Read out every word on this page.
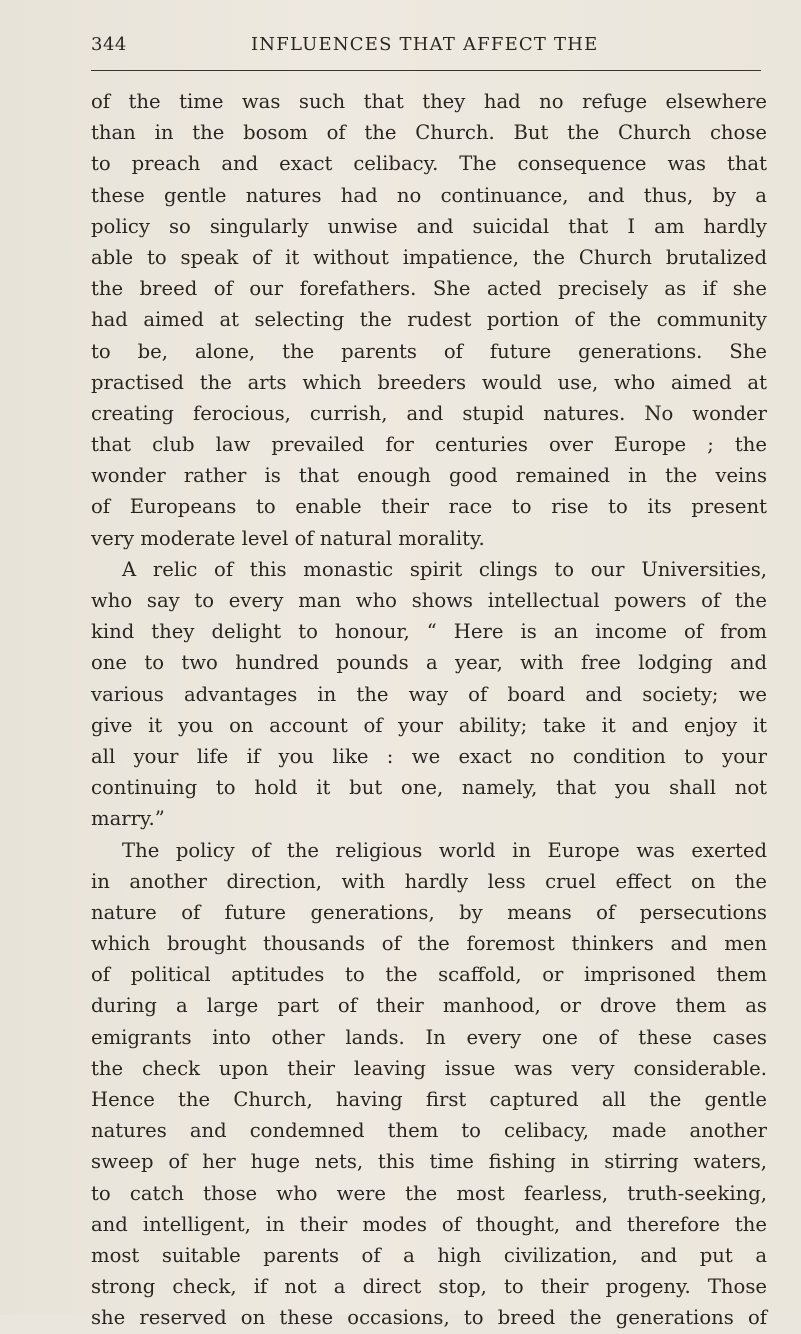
344	INFLUENCES THAT AFFECT THE
of the time was such that they had no refuge elsewhere
than in the bosom of the Church. But the Church chose
to preach and exact celibacy. The consequence was that
these gentle natures had no continuance, and thus, by a
policy so singularly unwise and suicidal that I am hardly
able to speak of it without impatience, the Church brutalized
the breed of our forefathers. She acted precisely as if she
had aimed at selecting the rudest portion of the community
to be, alone, the parents of future generations. She
practised the arts which breeders would use, who aimed at
creating ferocious, currish, and stupid natures. No wonder
that club law prevailed for centuries over Europe ; the
wonder rather is that enough good remained in the veins
of Europeans to enable their race to rise to its present
very moderate level of natural morality.
A relic of this monastic spirit clings to our Universities,
who say to every man who shows intellectual powers of the
kind they delight to honour, “ Here is an income of from
one to two hundred pounds a year, with free lodging and
various advantages in the way of board and society; we
give it you on account of your ability; take it and enjoy it
all your life if you like : we exact no condition to your
continuing to hold it but one, namely, that you shall not
marry.”
The policy of the religious world in Europe was exerted
in another direction, with hardly less cruel effect on the
nature of future generations, by means of persecutions
which brought thousands of the foremost thinkers and men
of political aptitudes to the scaffold, or imprisoned them
during a large part of their manhood, or drove them as
emigrants into other lands. In every one of these cases
the check upon their leaving issue was very considerable.
Hence the Church, having first captured all the gentle
natures and condemned them to celibacy, made another
sweep of her huge nets, this time fishing in stirring waters,
to catch those who were the most fearless, truth-seeking,
and intelligent, in their modes of thought, and therefore the
most suitable parents of a high civilization, and put a
strong check, if not a direct stop, to their progeny. Those
she reserved on these occasions, to breed the generations of
